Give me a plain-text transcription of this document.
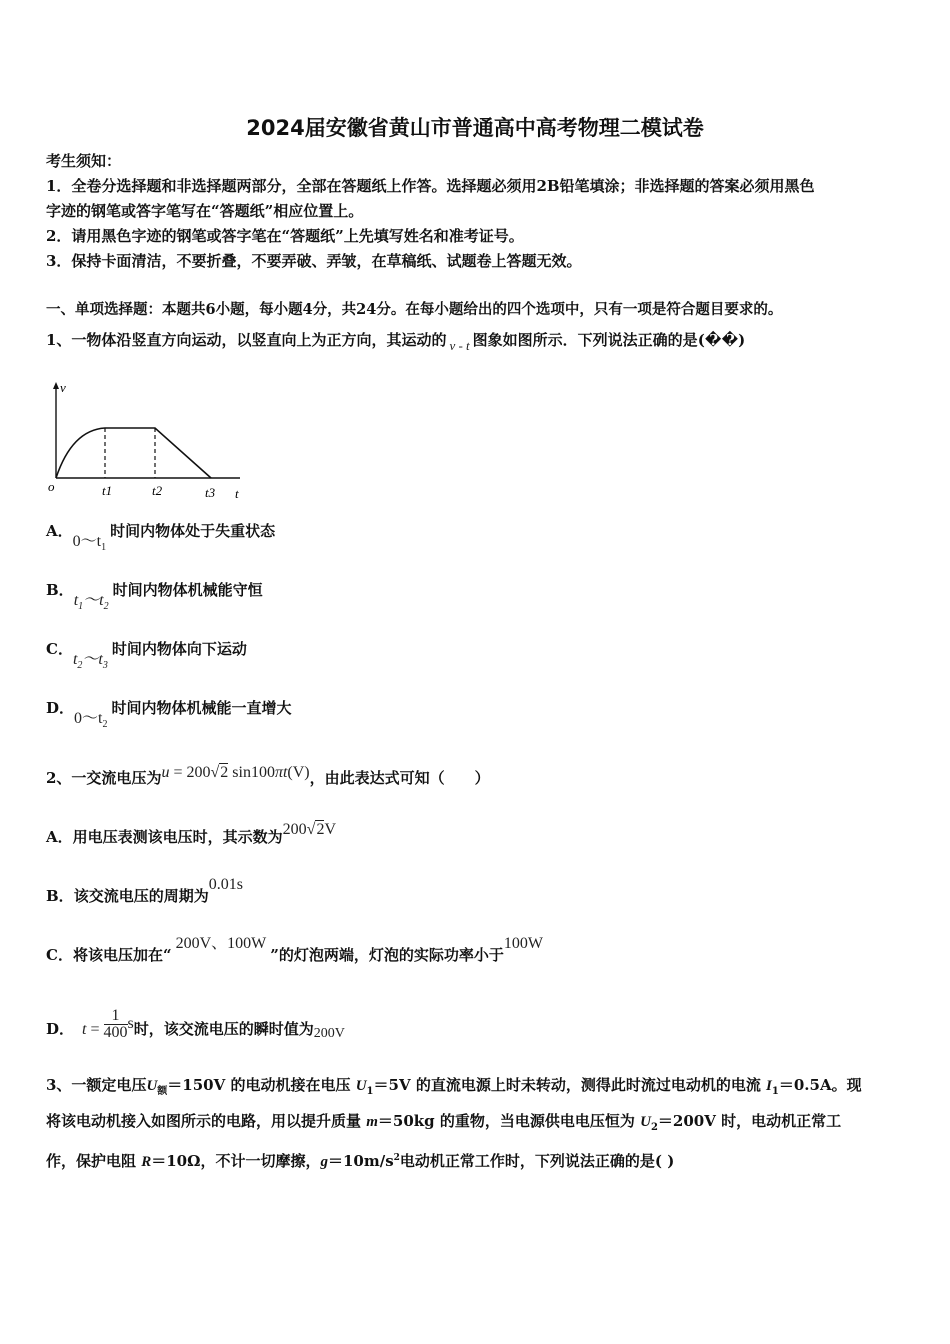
2024届安徽省黄山市普通高中高考物理二模试卷
考生须知：
1．全卷分选择题和非选择题两部分，全部在答题纸上作答。选择题必须用2B铅笔填涂；非选择题的答案必须用黑色
字迹的钢笔或答字笔写在“答题纸”相应位置上。
2．请用黑色字迹的钢笔或答字笔在“答题纸”上先填写姓名和准考证号。
3．保持卡面清洁，不要折叠，不要弄破、弄皱，在草稿纸、试题卷上答题无效。
一、单项选择题：本题共6小题，每小题4分，共24分。在每小题给出的四个选项中，只有一项是符合题目要求的。
1、一物体沿竖直方向运动，以竖直向上为正方向，其运动的 v - t 图象如图所示．下列说法正确的是(��)
v
o	t1	t2	t3 t
A．$0\sim t_1$时间内物体处于失重状态
B．$t_1\sim t_2$时间内物体机械能守恒
C．$t_2\sim t_3$时间内物体向下运动
D．$0\sim t_2$时间内物体机械能一直增大
2、一交流电压为u = 200√2 sin100πt(V)，由此表达式可知（　　）
A．用电压表测该电压时，其示数为200√2V
B．该交流电压的周期为0.01s
C．将该电压加在“200V、100W”的灯泡两端，灯泡的实际功率小于100W
D． $t = \frac{1}{400}$ s时，该交流电压的瞬时值为200V
3、一额定电压$U_额=150V$ 的电动机接在电压 $U_1=5V$ 的直流电源上时未转动，测得此时流过电动机的电流 $I_1=0.5A$。现
将该电动机接入如图所示的电路，用以提升质量 m＝50kg 的重物，当电源供电电压恒为 $U_2=200V$ 时，电动机正常工
作，保护电阻 R＝10Ω，不计一切摩擦，$g=10m/s^2$电动机正常工作时，下列说法正确的是( )
